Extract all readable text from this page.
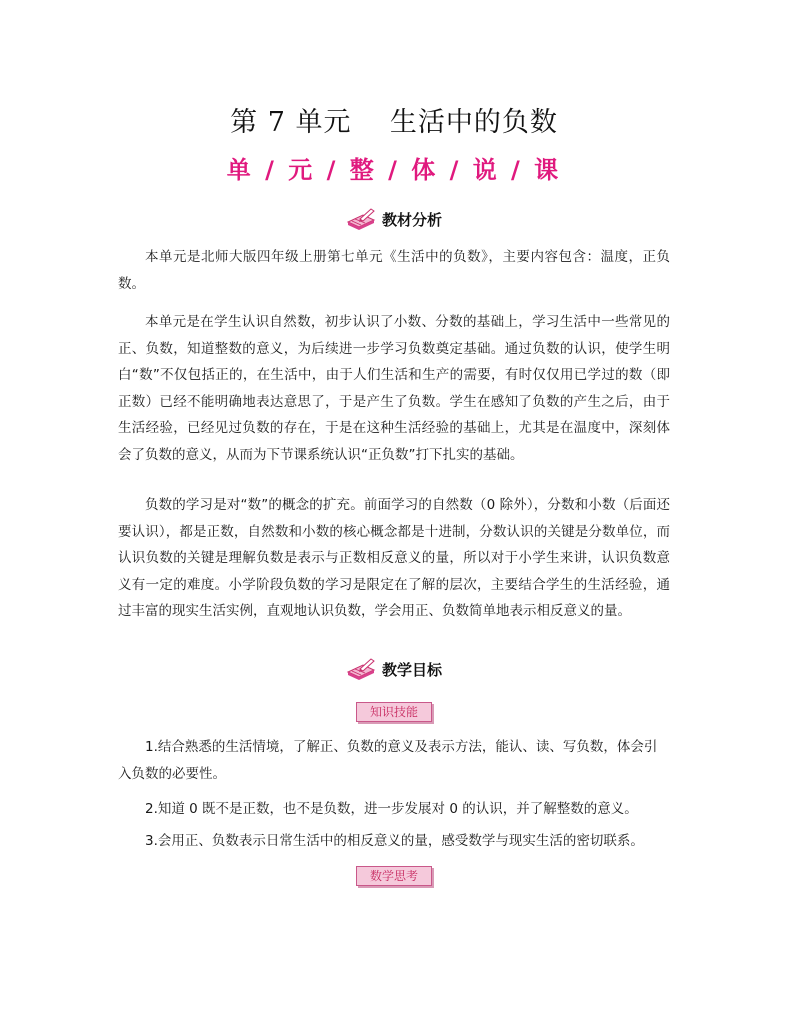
第 7 单元    生活中的负数
单 / 元 / 整 / 体 / 说 / 课
教材分析

本单元是北师大版四年级上册第七单元《生活中的负数》，主要内容包含：温度，正负数。

本单元是在学生认识自然数，初步认识了小数、分数的基础上，学习生活中一些常见的正、负数，知道整数的意义，为后续进一步学习负数奠定基础。通过负数的认识，使学生明白“数”不仅包括正的，在生活中，由于人们生活和生产的需要，有时仅仅用已学过的数（即正数）已经不能明确地表达意思了，于是产生了负数。学生在感知了负数的产生之后，由于生活经验，已经见过负数的存在，于是在这种生活经验的基础上，尤其是在温度中，深刻体会了负数的意义，从而为下节课系统认识“正负数”打下扎实的基础。

负数的学习是对“数”的概念的扩充。前面学习的自然数（0 除外），分数和小数（后面还要认识），都是正数，自然数和小数的核心概念都是十进制，分数认识的关键是分数单位，而认识负数的关键是理解负数是表示与正数相反意义的量，所以对于小学生来讲，认识负数意义有一定的难度。小学阶段负数的学习是限定在了解的层次，主要结合学生的生活经验，通过丰富的现实生活实例，直观地认识负数，学会用正、负数简单地表示相反意义的量。

教学目标
知识技能

1.结合熟悉的生活情境，了解正、负数的意义及表示方法，能认、读、写负数，体会引入负数的必要性。

2.知道 0 既不是正数，也不是负数，进一步发展对 0 的认识，并了解整数的意义。

3.会用正、负数表示日常生活中的相反意义的量，感受数学与现实生活的密切联系。

数学思考
